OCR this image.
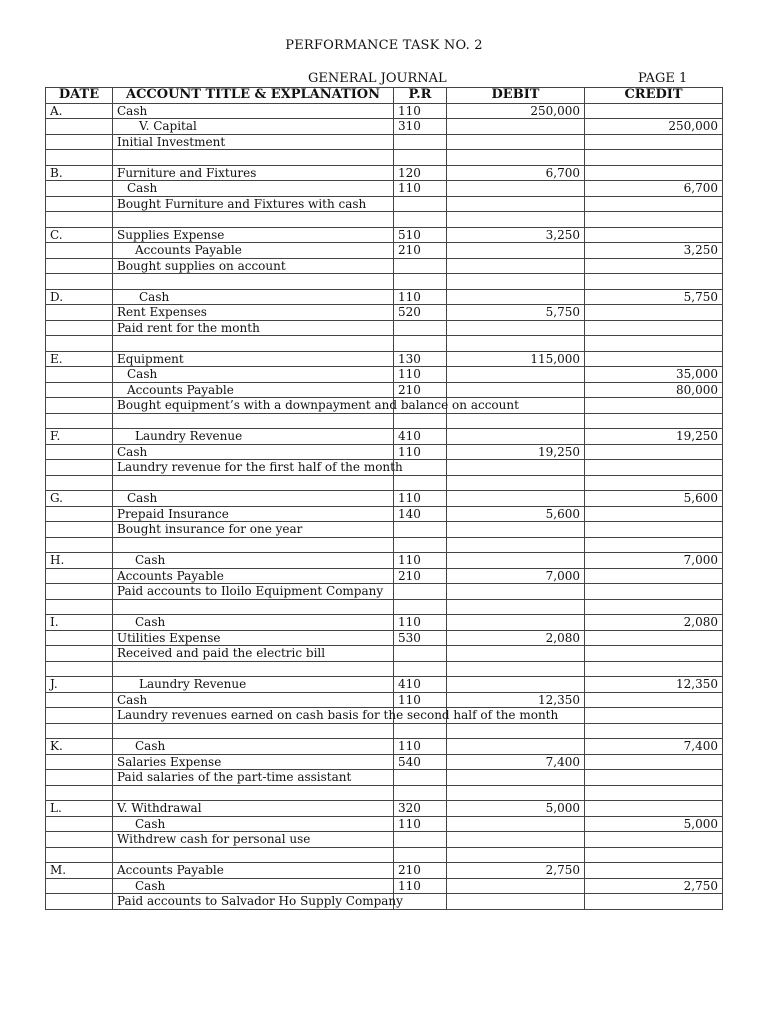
PERFORMANCE TASK NO. 2
GENERAL JOURNAL	PAGE 1
DATE	ACCOUNT TITLE & EXPLANATION	P.R	DEBIT	CREDIT
A.	Cash	110	250,000	
	V. Capital	310		250,000
	Initial Investment			

B.	Furniture and Fixtures	120	6,700	
	Cash	110		6,700
	Bought Furniture and Fixtures with cash			

C.	Supplies Expense	510	3,250	
	Accounts Payable	210		3,250
	Bought supplies on account			

D.	Cash	110		5,750
	Rent Expenses	520	5,750	
	Paid rent for the month			

E.	Equipment	130	115,000	
	Cash	110		35,000
	Accounts Payable	210		80,000
	Bought equipment’s with a downpayment and balance on account			

F.	Laundry Revenue	410		19,250
	Cash	110	19,250	
	Laundry revenue for the first half of the month			

G.	Cash	110		5,600
	Prepaid Insurance	140	5,600	
	Bought insurance for one year			

H.	Cash	110		7,000
	Accounts Payable	210	7,000	
	Paid accounts to Iloilo Equipment Company			

I.	Cash	110		2,080
	Utilities Expense	530	2,080	
	Received and paid the electric bill			

J.	Laundry Revenue	410		12,350
	Cash	110	12,350	
	Laundry revenues earned on cash basis for the second half of the month			

K.	Cash	110		7,400
	Salaries Expense	540	7,400	
	Paid salaries of the part-time assistant			

L.	V. Withdrawal	320	5,000	
	Cash	110		5,000
	Withdrew cash for personal use			

M.	Accounts Payable	210	2,750	
	Cash	110		2,750
	Paid accounts to Salvador Ho Supply Company			
